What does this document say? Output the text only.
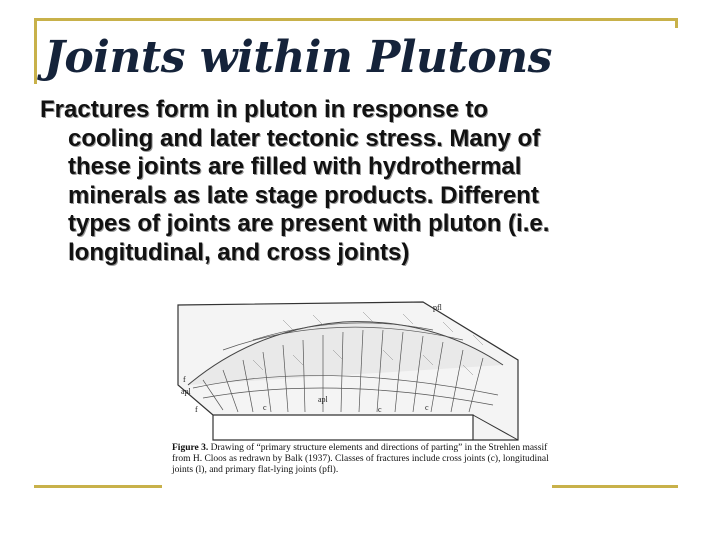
Joints within Plutons
Fractures form in pluton in response to
cooling and later tectonic stress. Many of
these joints are filled with hydrothermal
minerals as late stage products. Different
types of joints are present with pluton (i.e.
longitudinal, and cross joints)
f
apl
f	c
apl
c	c
pfl
Figure 3. Drawing of “primary structure elements and directions of parting” in the Strehlen massif from H. Cloos as redrawn by Balk (1937). Classes of fractures include cross joints (c), longitudinal joints (l), and primary flat-lying joints (pfl).
